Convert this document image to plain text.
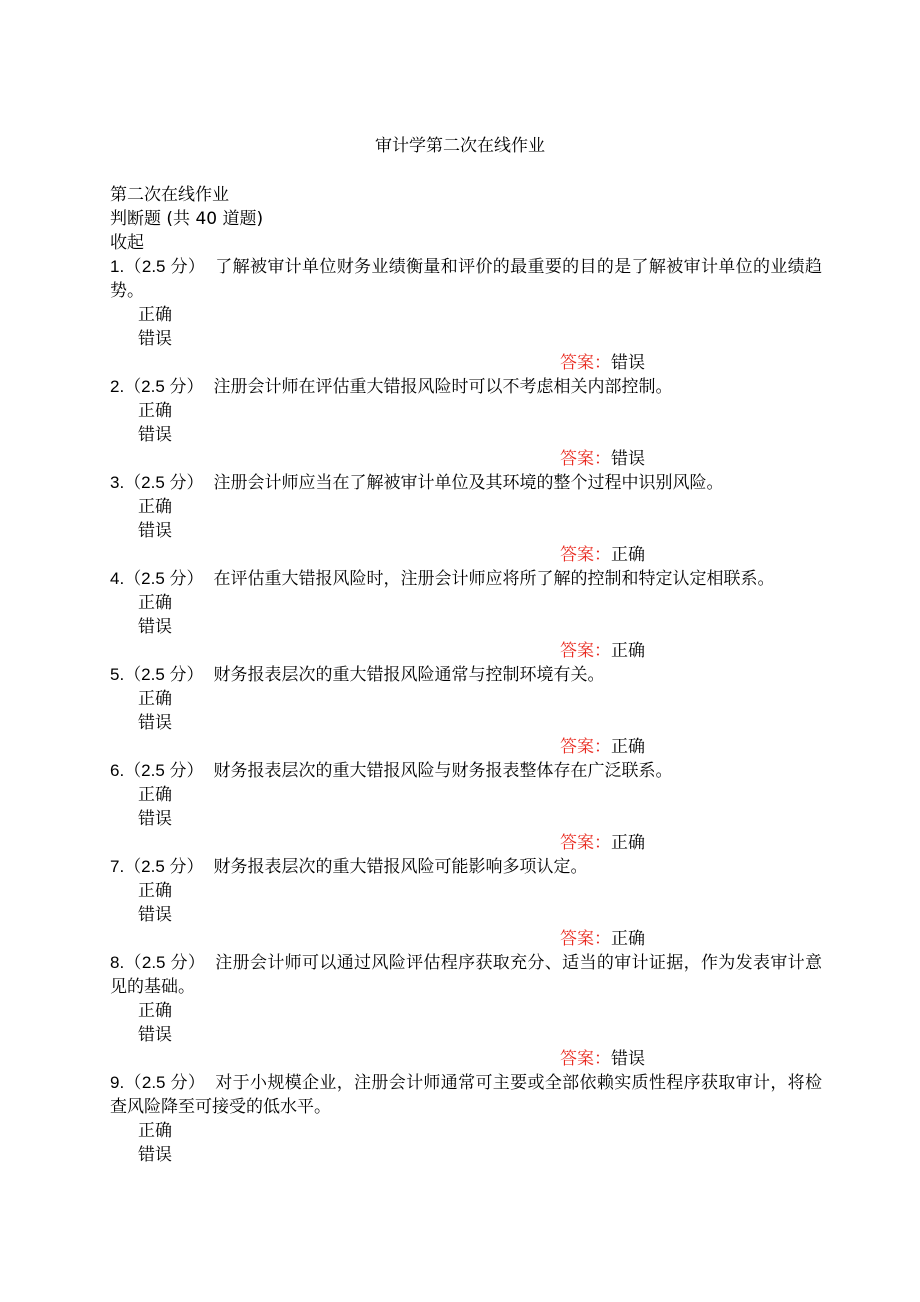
审计学第二次在线作业
第二次在线作业
判断题 (共 40 道题)
收起

1.（2.5 分） 了解被审计单位财务业绩衡量和评价的最重要的目的是了解被审计单位的业绩趋势。

正确
错误
答案：错误

2.（2.5 分） 注册会计师在评估重大错报风险时可以不考虑相关内部控制。

正确
错误
答案：错误

3.（2.5 分） 注册会计师应当在了解被审计单位及其环境的整个过程中识别风险。

正确
错误
答案：正确

4.（2.5 分） 在评估重大错报风险时，注册会计师应将所了解的控制和特定认定相联系。

正确
错误
答案：正确

5.（2.5 分） 财务报表层次的重大错报风险通常与控制环境有关。

正确
错误
答案：正确

6.（2.5 分） 财务报表层次的重大错报风险与财务报表整体存在广泛联系。

正确
错误
答案：正确

7.（2.5 分） 财务报表层次的重大错报风险可能影响多项认定。

正确
错误
答案：正确

8.（2.5 分） 注册会计师可以通过风险评估程序获取充分、适当的审计证据，作为发表审计意见的基础。

正确
错误
答案：错误

9.（2.5 分） 对于小规模企业，注册会计师通常可主要或全部依赖实质性程序获取审计，将检查风险降至可接受的低水平。

正确
错误
